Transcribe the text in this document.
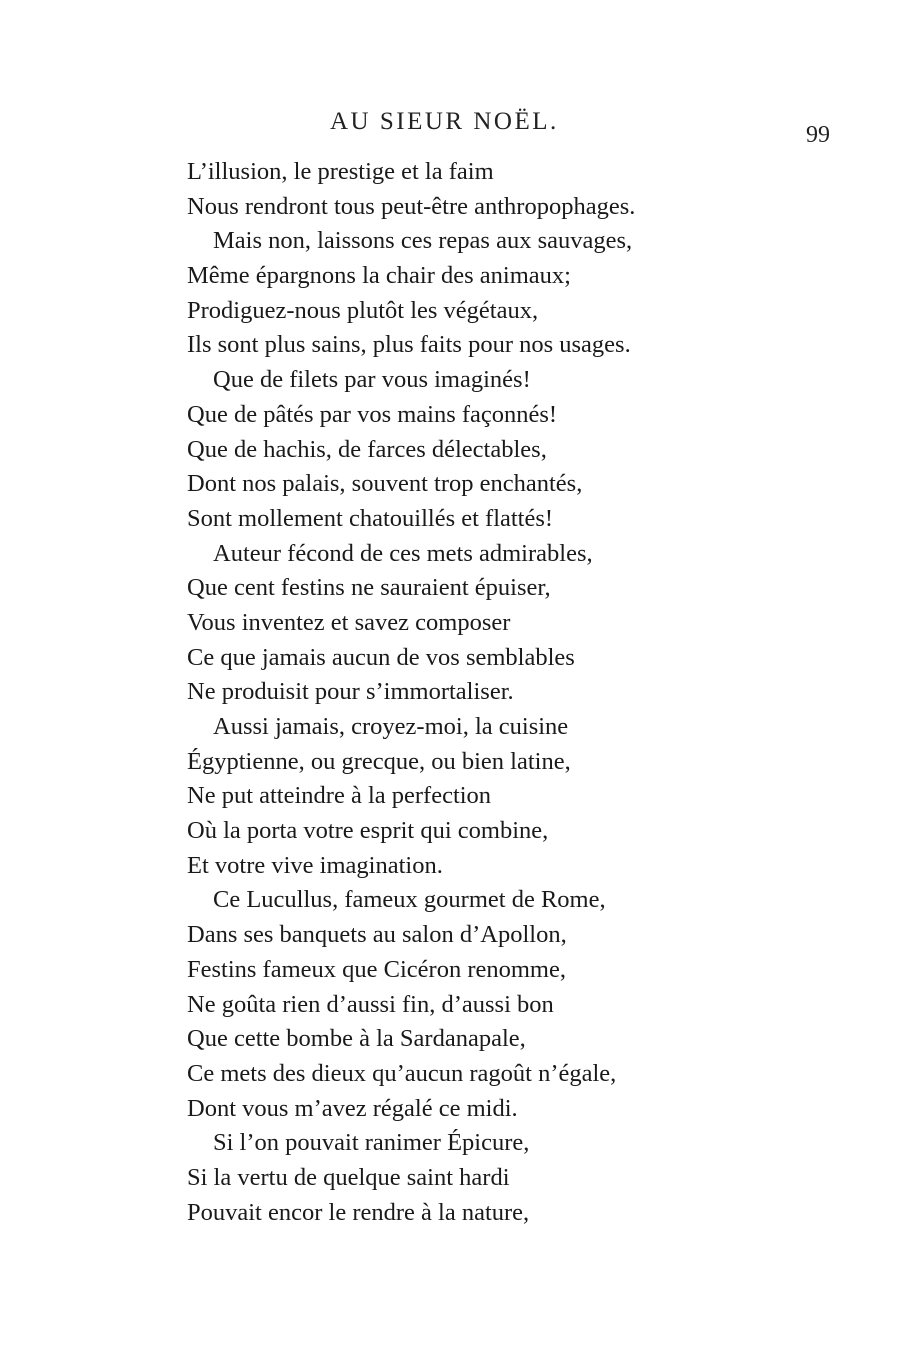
AU SIEUR NOËL.	99
L’illusion, le prestige et la faim
Nous rendront tous peut-être anthropophages.
Mais non, laissons ces repas aux sauvages,
Même épargnons la chair des animaux;
Prodiguez-nous plutôt les végétaux,
Ils sont plus sains, plus faits pour nos usages.
Que de filets par vous imaginés!
Que de pâtés par vos mains façonnés!
Que de hachis, de farces délectables,
Dont nos palais, souvent trop enchantés,
Sont mollement chatouillés et flattés!
Auteur fécond de ces mets admirables,
Que cent festins ne sauraient épuiser,
Vous inventez et savez composer
Ce que jamais aucun de vos semblables
Ne produisit pour s’immortaliser.
Aussi jamais, croyez-moi, la cuisine
Égyptienne, ou grecque, ou bien latine,
Ne put atteindre à la perfection
Où la porta votre esprit qui combine,
Et votre vive imagination.
Ce Lucullus, fameux gourmet de Rome,
Dans ses banquets au salon d’Apollon,
Festins fameux que Cicéron renomme,
Ne goûta rien d’aussi fin, d’aussi bon
Que cette bombe à la Sardanapale,
Ce mets des dieux qu’aucun ragoût n’égale,
Dont vous m’avez régalé ce midi.
Si l’on pouvait ranimer Épicure,
Si la vertu de quelque saint hardi
Pouvait encor le rendre à la nature,
